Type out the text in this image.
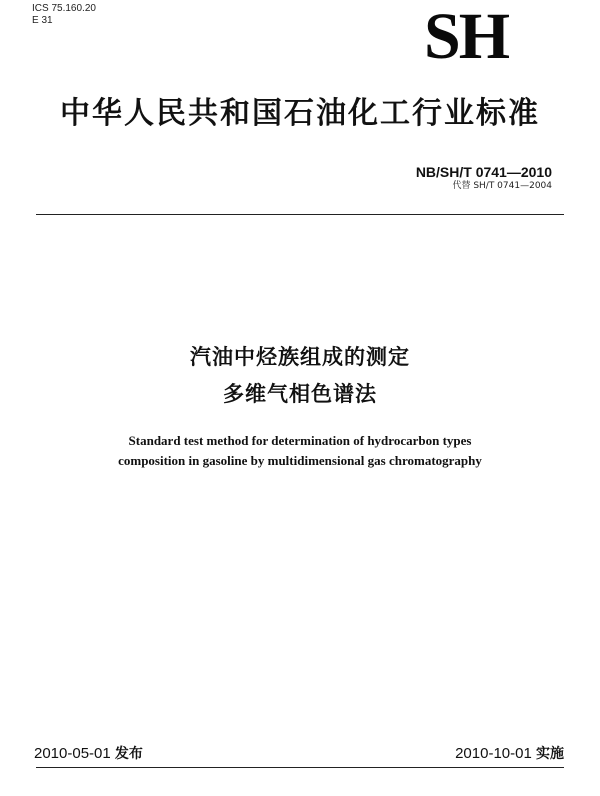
ICS 75.160.20
E 31	SH
中华人民共和国石油化工行业标准
NB/SH/T 0741—2010
代替 SH/T 0741—2004
汽油中烃族组成的测定
多维气相色谱法
Standard test method for determination of hydrocarbon types
composition in gasoline by multidimensional gas chromatography
2010-05-01 发布	2010-10-01 实施
